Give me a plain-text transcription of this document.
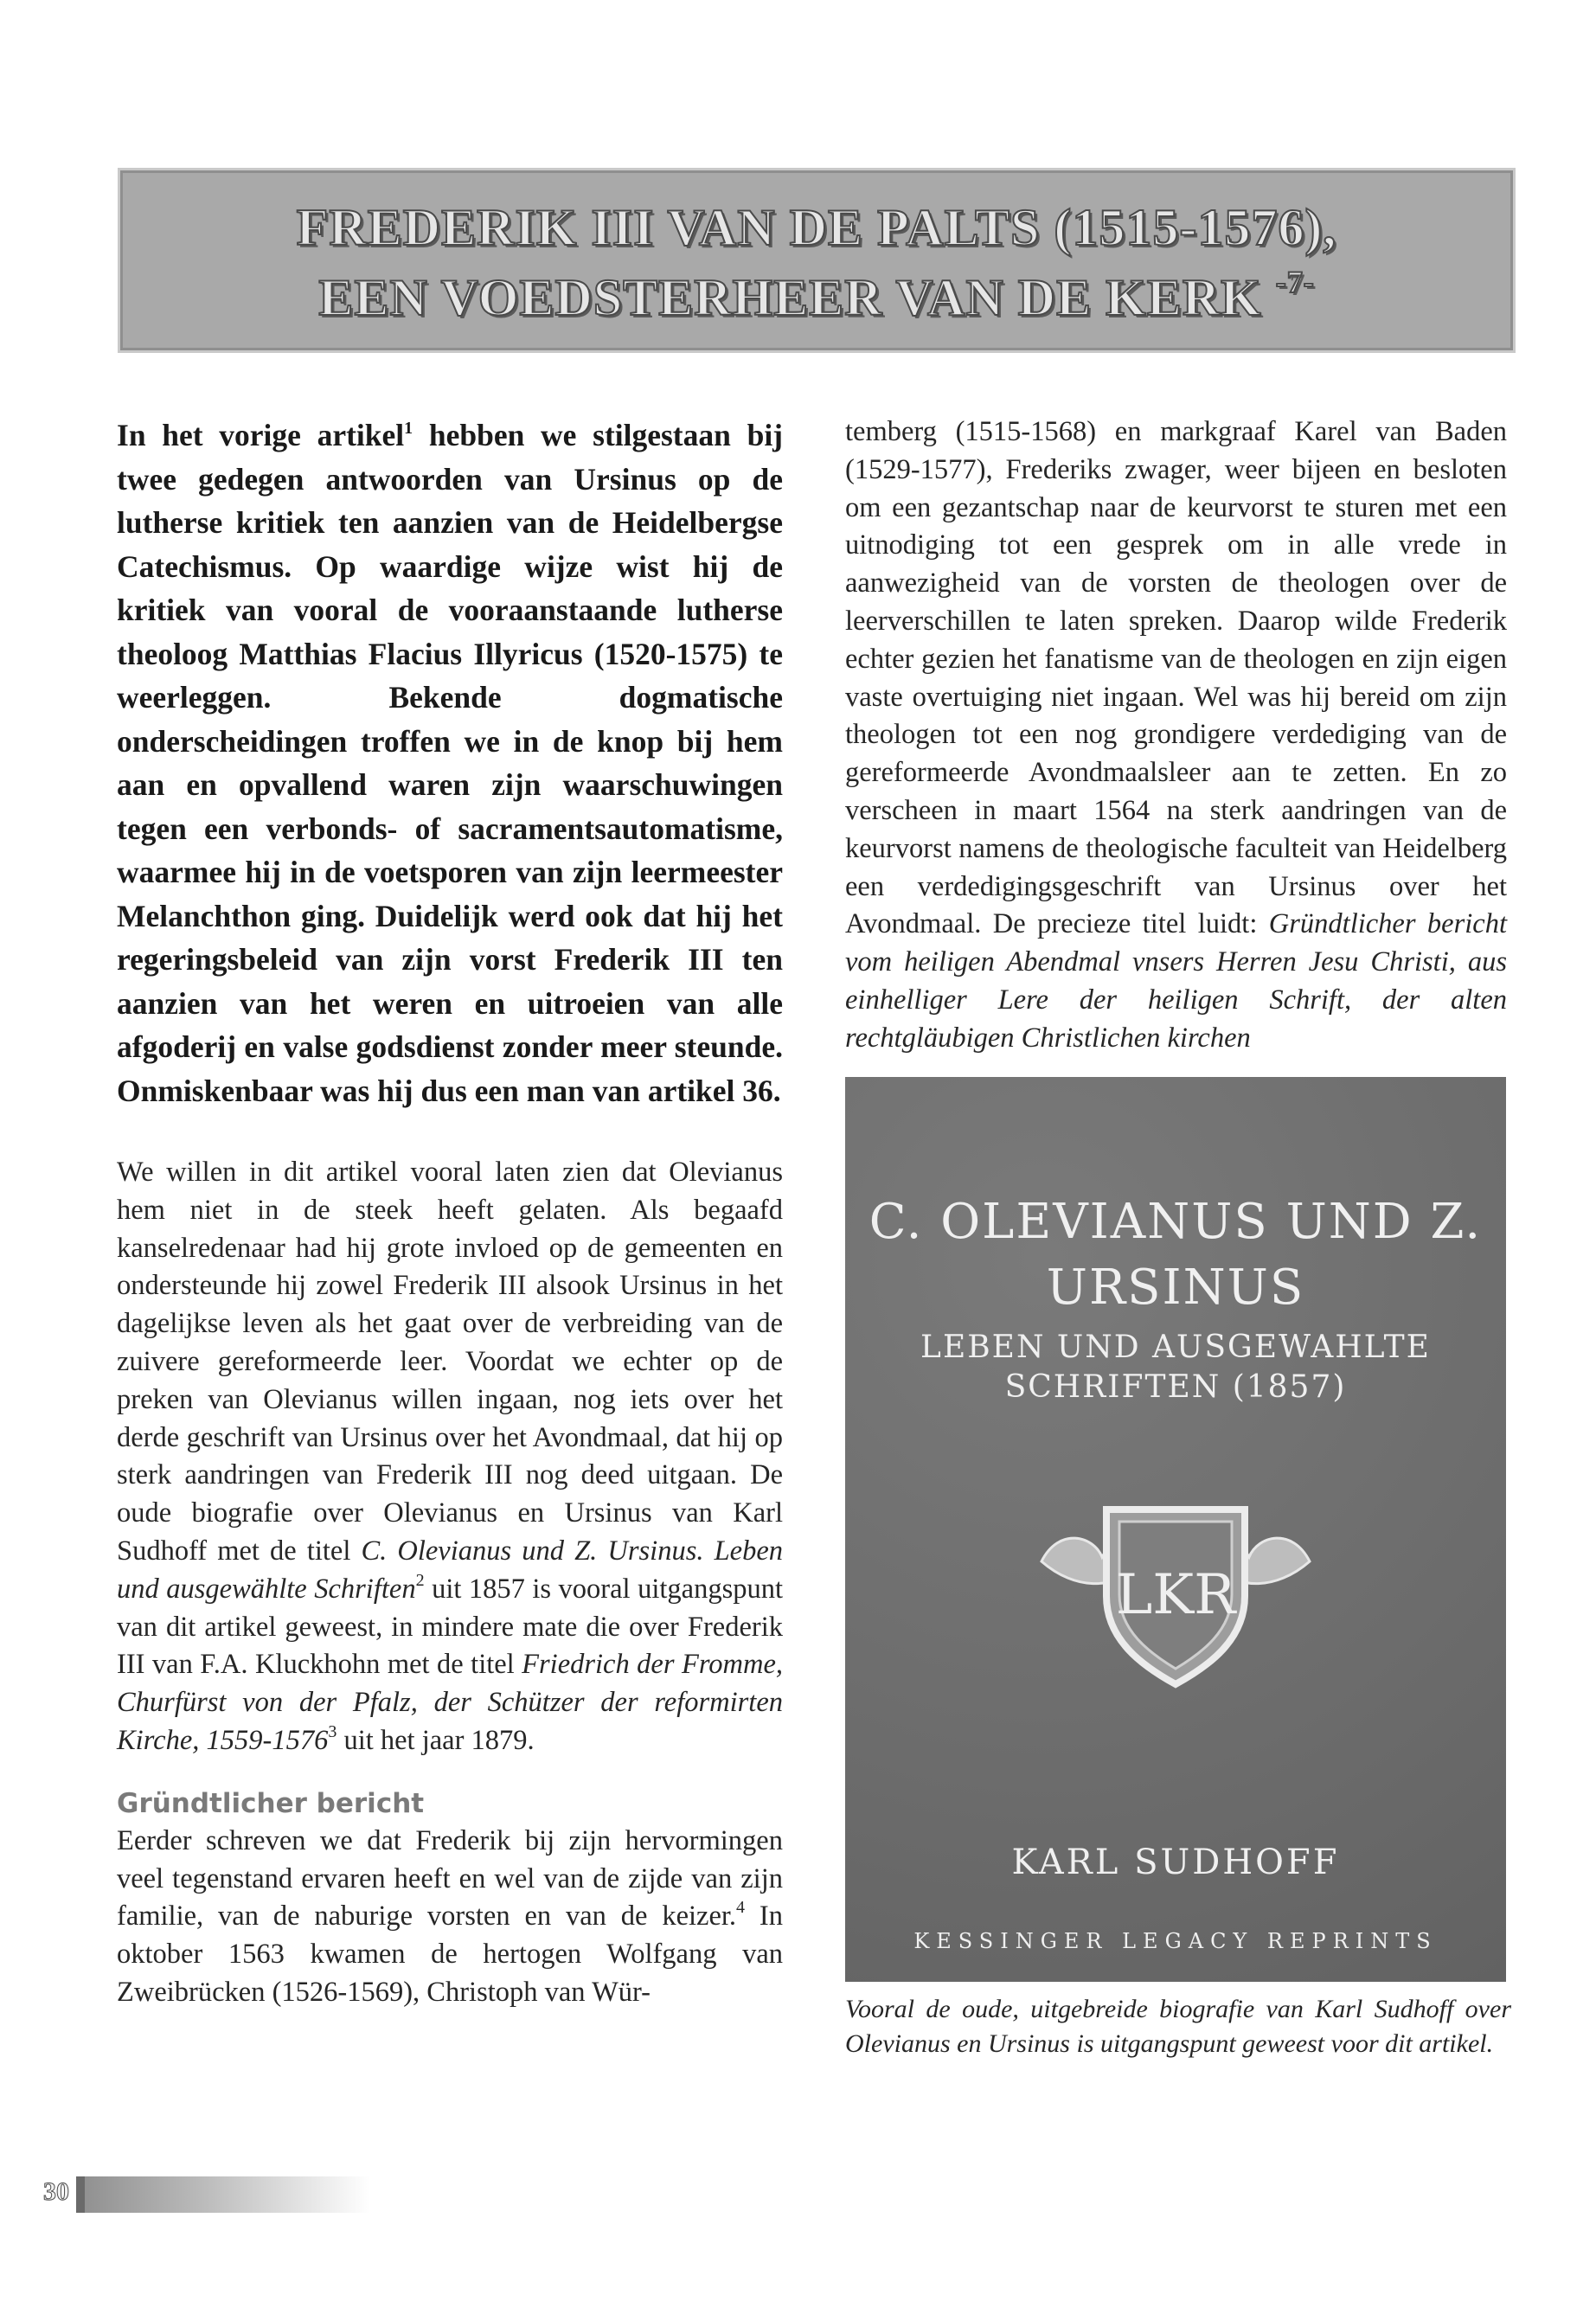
FREDERIK III VAN DE PALTS (1515-1576),
EEN VOEDSTERHEER VAN DE KERK $^{-7-}$

In het vorige artikel$^1$ hebben we stilgestaan bij twee gedegen antwoorden van Ursinus op de lutherse kritiek ten aanzien van de Heidelbergse Catechismus. Op waardige wijze wist hij de kritiek van vooral de vooraanstaande lutherse theoloog Matthias Flacius Illyricus (1520-1575) te weerleggen. Bekende dogmatische onderscheidingen troffen we in de knop bij hem aan en opvallend waren zijn waarschuwingen tegen een verbonds- of sacramentsautomatisme, waarmee hij in de voetsporen van zijn leermeester Melanchthon ging. Duidelijk werd ook dat hij het regeringsbeleid van zijn vorst Frederik III ten aanzien van het weren en uitroeien van alle afgoderij en valse godsdienst zonder meer steunde. Onmiskenbaar was hij dus een man van artikel 36.

We willen in dit artikel vooral laten zien dat Olevianus hem niet in de steek heeft gelaten. Als begaafd kanselredenaar had hij grote invloed op de gemeenten en ondersteunde hij zowel Frederik III alsook Ursinus in het dagelijkse leven als het gaat over de verbreiding van de zuivere gereformeerde leer. Voordat we echter op de preken van Olevianus willen ingaan, nog iets over het derde geschrift van Ursinus over het Avondmaal, dat hij op sterk aandringen van Frederik III nog deed uitgaan. De oude biografie over Olevianus en Ursinus van Karl Sudhoff met de titel C. Olevianus und Z. Ursinus. Leben und ausgewählte Schriften$^2$ uit 1857 is vooral uitgangspunt van dit artikel geweest, in mindere mate die over Frederik III van F.A. Kluckhohn met de titel Friedrich der Fromme, Churfürst von der Pfalz, der Schützer der reformirten Kirche, 1559-1576$^3$ uit het jaar 1879.

Gründtlicher bericht

Eerder schreven we dat Frederik bij zijn hervormingen veel tegenstand ervaren heeft en wel van de zijde van zijn familie, van de naburige vorsten en van de keizer.$^4$ In oktober 1563 kwamen de hertogen Wolfgang van Zweibrücken (1526-1569), Christoph van Wür-

temberg (1515-1568) en markgraaf Karel van Baden (1529-1577), Frederiks zwager, weer bijeen en besloten om een gezantschap naar de keurvorst te sturen met een uitnodiging tot een gesprek om in alle vrede in aanwezigheid van de vorsten de theologen over de leerverschillen te laten spreken. Daarop wilde Frederik echter gezien het fanatisme van de theologen en zijn eigen vaste overtuiging niet ingaan. Wel was hij bereid om zijn theologen tot een nog grondigere verdediging van de gereformeerde Avondmaalsleer aan te zetten. En zo verscheen in maart 1564 na sterk aandringen van de keurvorst namens de theologische faculteit van Heidelberg een verdedigingsgeschrift van Ursinus over het Avondmaal. De precieze titel luidt: Gründtlicher bericht vom heiligen Abendmal vnsers Herren Jesu Christi, aus einhelliger Lere der heiligen Schrift, der alten rechtgläubigen Christlichen kirchen

C. OLEVIANUS UND Z.
URSINUS
LEBEN UND AUSGEWAHLTE
SCHRIFTEN (1857)
LKR
KARL SUDHOFF
KESSINGER LEGACY REPRINTS

Vooral de oude, uitgebreide biografie van Karl Sudhoff over Olevianus en Ursinus is uitgangspunt geweest voor dit artikel.

30
